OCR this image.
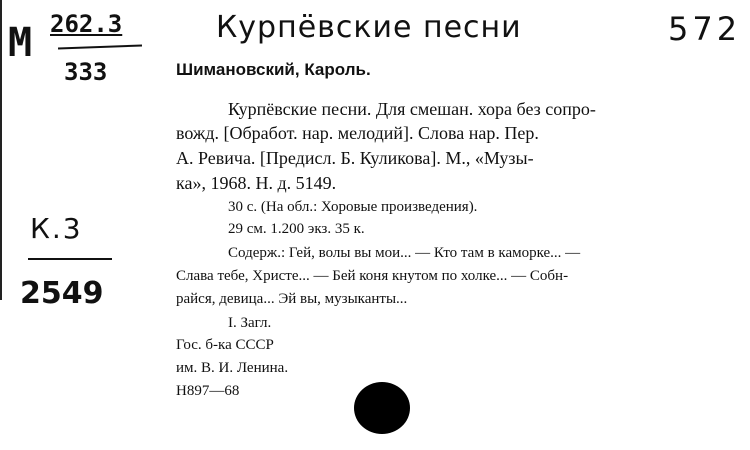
M 262.3
333
Курпёвские песни	572
К.3
2549
Шимановский, Кароль.
Курпёвские песни. Для смешан. хора без сопро-
вожд. [Обработ. нар. мелодий]. Слова нар. Пер.
А. Ревича. [Предисл. Б. Куликова]. М., «Музы-
ка», 1968. Н. д. 5149.
30 с. (На обл.: Хоровые произведения).
29 см. 1.200 экз. 35 к.
Содерж.: Гей, волы вы мои... — Кто там в каморке... —
Слава тебе, Христе... — Бей коня кнутом по холке... — Собн-
райся, девица... Эй вы, музыканты...
I. Загл.
Гос. б-ка СССР
им. В. И. Ленина.
Н897—68
